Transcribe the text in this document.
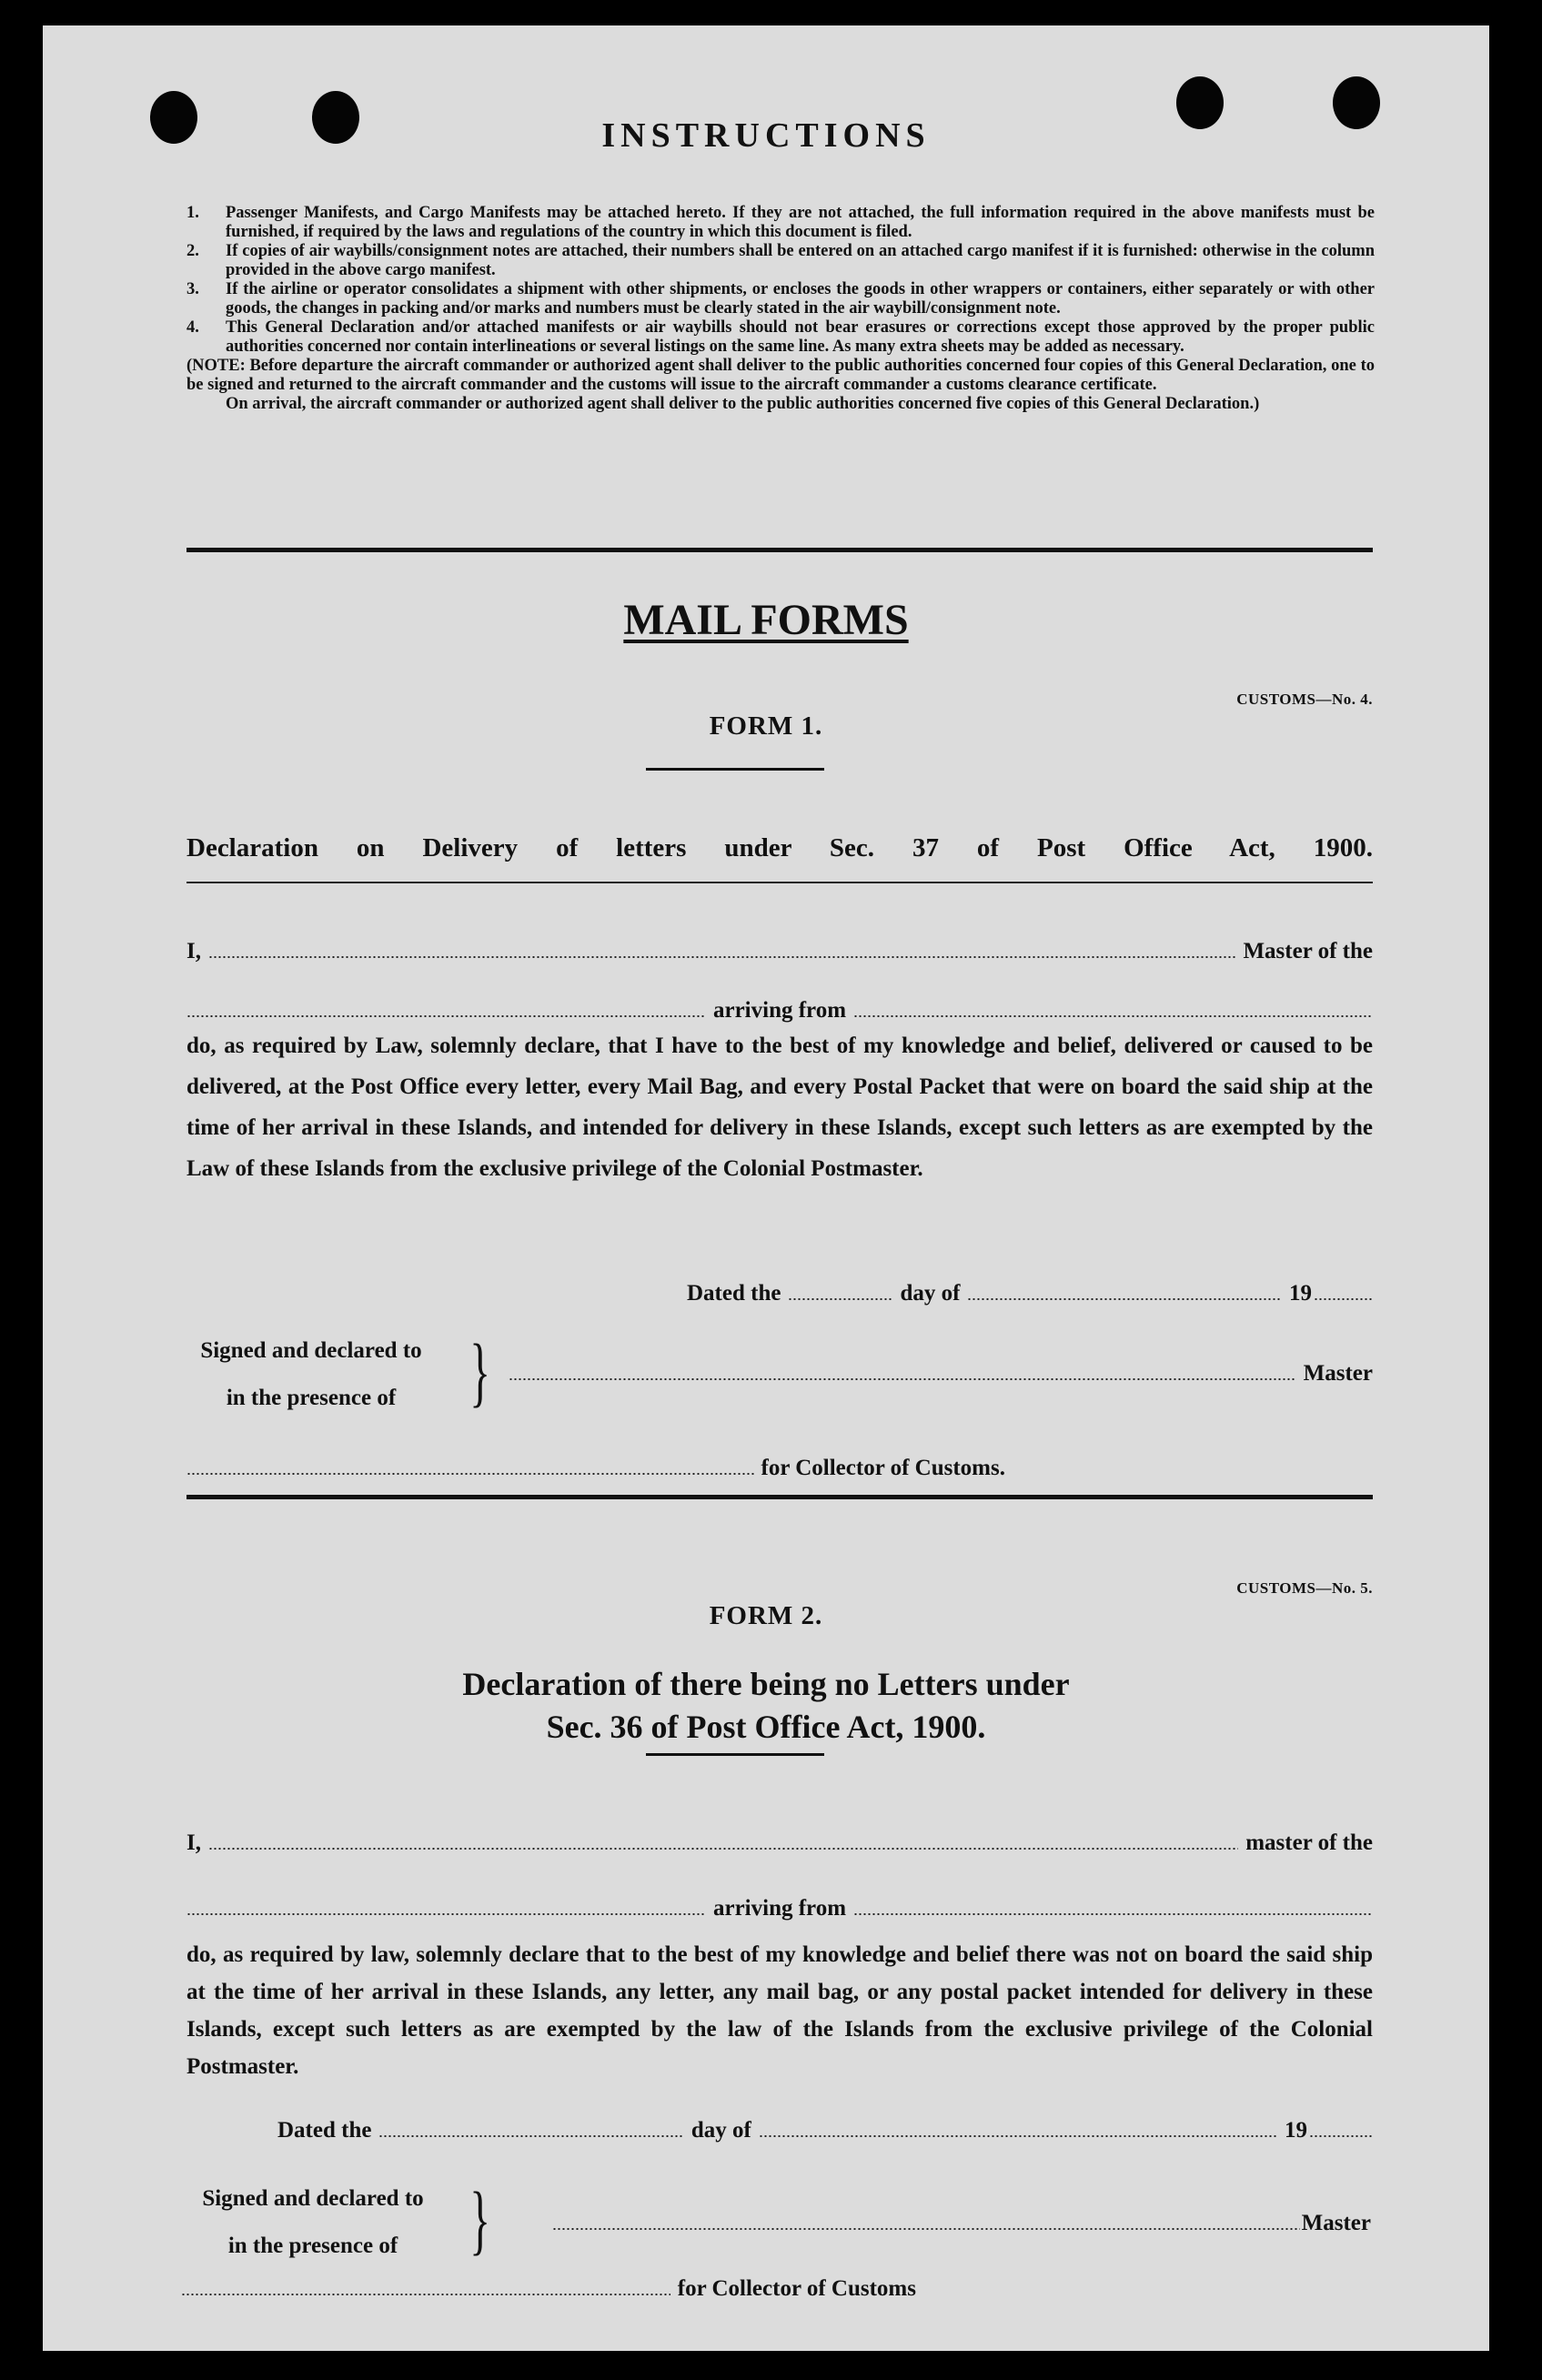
INSTRUCTIONS
1. Passenger Manifests, and Cargo Manifests may be attached hereto. If they are not attached, the full information required in the above manifests must be furnished, if required by the laws and regulations of the country in which this document is filed.
2. If copies of air waybills/consignment notes are attached, their numbers shall be entered on an attached cargo manifest if it is furnished: otherwise in the column provided in the above cargo manifest.
3. If the airline or operator consolidates a shipment with other shipments, or encloses the goods in other wrappers or containers, either separately or with other goods, the changes in packing and/or marks and numbers must be clearly stated in the air waybill/consignment note.
4. This General Declaration and/or attached manifests or air waybills should not bear erasures or corrections except those approved by the proper public authorities concerned nor contain interlineations or several listings on the same line. As many extra sheets may be added as necessary.
(NOTE: Before departure the aircraft commander or authorized agent shall deliver to the public authorities concerned four copies of this General Declaration, one to be signed and returned to the aircraft commander and the customs will issue to the aircraft commander a customs clearance certificate.
On arrival, the aircraft commander or authorized agent shall deliver to the public authorities concerned five copies of this General Declaration.)
MAIL FORMS
CUSTOMS—No. 4.
FORM 1.
Declaration on Delivery of letters under Sec. 37 of Post Office Act, 1900.
I,	Master of the
arriving from
do, as required by Law, solemnly declare, that I have to the best of my knowledge and belief, delivered or caused to be delivered, at the Post Office every letter, every Mail Bag, and every Postal Packet that were on board the said ship at the time of her arrival in these Islands, and intended for delivery in these Islands, except such letters as are exempted by the Law of these Islands from the exclusive privilege of the Colonial Postmaster.
Dated the	day of	19
Signed and declared to
in the presence of }	Master
for Collector of Customs.
CUSTOMS—No. 5.
FORM 2.
Declaration of there being no Letters under
Sec. 36 of Post Office Act, 1900.
I,	master of the
arriving from
do, as required by law, solemnly declare that to the best of my knowledge and belief there was not on board the said ship at the time of her arrival in these Islands, any letter, any mail bag, or any postal packet intended for delivery in these Islands, except such letters as are exempted by the law of the Islands from the exclusive privilege of the Colonial Postmaster.
Dated the	day of	19
Signed and declared to
in the presence of }	Master
for Collector of Customs
